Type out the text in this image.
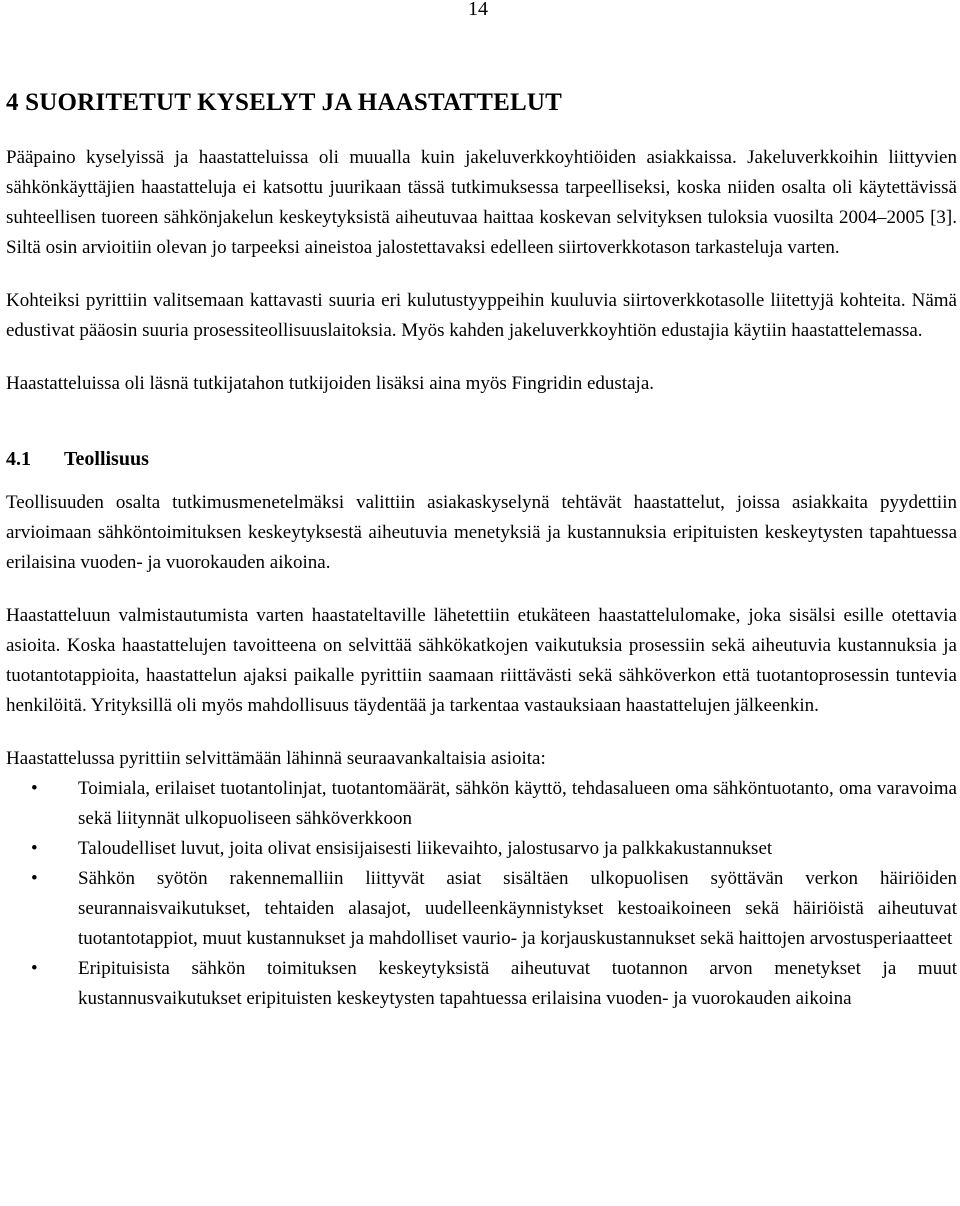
14
4 SUORITETUT KYSELYT JA HAASTATTELUT

Pääpaino kyselyissä ja haastatteluissa oli muualla kuin jakeluverkkoyhtiöiden asiakkaissa. Jakeluverkkoihin liittyvien sähkönkäyttäjien haastatteluja ei katsottu juurikaan tässä tutkimuksessa tarpeelliseksi, koska niiden osalta oli käytettävissä suhteellisen tuoreen sähkönjakelun keskeytyksistä aiheutuvaa haittaa koskevan selvityksen tuloksia vuosilta 2004–2005 [3]. Siltä osin arvioitiin olevan jo tarpeeksi aineistoa jalostettavaksi edelleen siirtoverkkotason tarkasteluja varten.

Kohteiksi pyrittiin valitsemaan kattavasti suuria eri kulutustyyppeihin kuuluvia siirtoverkkotasolle liitettyjä kohteita. Nämä edustivat pääosin suuria prosessiteollisuuslaitoksia. Myös kahden jakeluverkkoyhtiön edustajia käytiin haastattelemassa.

Haastatteluissa oli läsnä tutkijatahon tutkijoiden lisäksi aina myös Fingridin edustaja.

4.1 Teollisuus

Teollisuuden osalta tutkimusmenetelmäksi valittiin asiakaskyselynä tehtävät haastattelut, joissa asiakkaita pyydettiin arvioimaan sähköntoimituksen keskeytyksestä aiheutuvia menetyksiä ja kustannuksia eripituisten keskeytysten tapahtuessa erilaisina vuoden- ja vuorokauden aikoina.

Haastatteluun valmistautumista varten haastateltaville lähetettiin etukäteen haastattelulomake, joka sisälsi esille otettavia asioita. Koska haastattelujen tavoitteena on selvittää sähkökatkojen vaikutuksia prosessiin sekä aiheutuvia kustannuksia ja tuotantotappioita, haastattelun ajaksi paikalle pyrittiin saamaan riittävästi sekä sähköverkon että tuotantoprosessin tuntevia henkilöitä. Yrityksillä oli myös mahdollisuus täydentää ja tarkentaa vastauksiaan haastattelujen jälkeenkin.

Haastattelussa pyrittiin selvittämään lähinnä seuraavankaltaisia asioita:

• Toimiala, erilaiset tuotantolinjat, tuotantomäärät, sähkön käyttö, tehdasalueen oma sähköntuotanto, oma varavoima sekä liitynnät ulkopuoliseen sähköverkkoon
• Taloudelliset luvut, joita olivat ensisijaisesti liikevaihto, jalostusarvo ja palkkakustannukset
• Sähkön syötön rakennemalliin liittyvät asiat sisältäen ulkopuolisen syöttävän verkon häiriöiden seurannaisvaikutukset, tehtaiden alasajot, uudelleenkäynnistykset kestoaikoineen sekä häiriöistä aiheutuvat tuotantotappiot, muut kustannukset ja mahdolliset vaurio- ja korjauskustannukset sekä haittojen arvostusperiaatteet
• Eripituisista sähkön toimituksen keskeytyksistä aiheutuvat tuotannon arvon menetykset ja muut kustannusvaikutukset eripituisten keskeytysten tapahtuessa erilaisina vuoden- ja vuorokauden aikoina
